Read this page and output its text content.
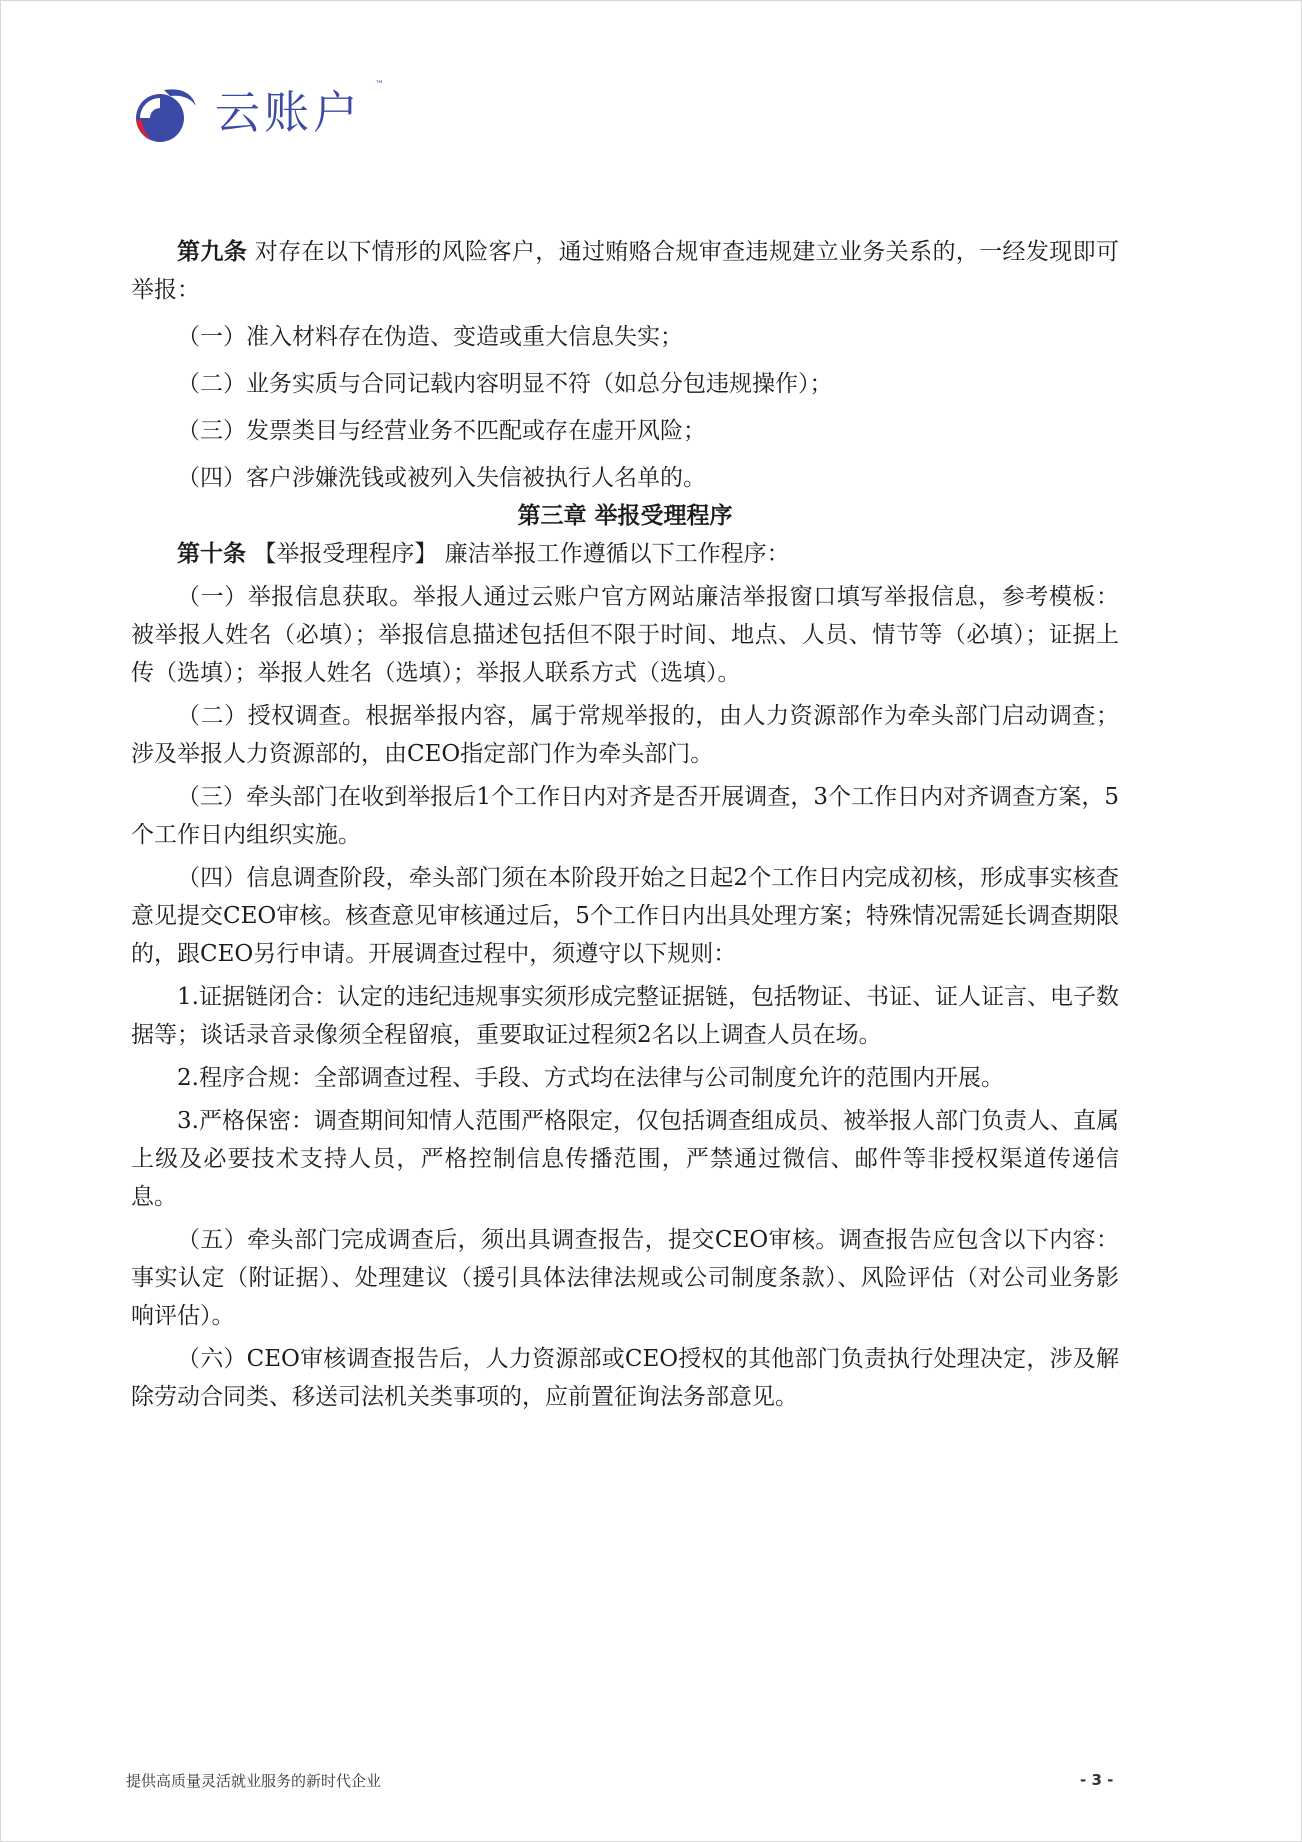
云账户
™

第九条 对存在以下情形的风险客户，通过贿赂合规审查违规建立业务关系的，一经发现即可举报：

（一）准入材料存在伪造、变造或重大信息失实；

（二）业务实质与合同记载内容明显不符（如总分包违规操作）；

（三）发票类目与经营业务不匹配或存在虚开风险；

（四）客户涉嫌洗钱或被列入失信被执行人名单的。

第三章 举报受理程序

第十条 【举报受理程序】 廉洁举报工作遵循以下工作程序：

（一）举报信息获取。举报人通过云账户官方网站廉洁举报窗口填写举报信息，参考模板：被举报人姓名（必填）；举报信息描述包括但不限于时间、地点、人员、情节等（必填）；证据上传（选填）；举报人姓名（选填）；举报人联系方式（选填）。

（二）授权调查。根据举报内容，属于常规举报的，由人力资源部作为牵头部门启动调查；涉及举报人力资源部的，由CEO指定部门作为牵头部门。

（三）牵头部门在收到举报后1个工作日内对齐是否开展调查，3个工作日内对齐调查方案，5个工作日内组织实施。

（四）信息调查阶段，牵头部门须在本阶段开始之日起2个工作日内完成初核，形成事实核查意见提交CEO审核。核查意见审核通过后，5个工作日内出具处理方案；特殊情况需延长调查期限的，跟CEO另行申请。开展调查过程中，须遵守以下规则：

1.证据链闭合：认定的违纪违规事实须形成完整证据链，包括物证、书证、证人证言、电子数据等；谈话录音录像须全程留痕，重要取证过程须2名以上调查人员在场。

2.程序合规：全部调查过程、手段、方式均在法律与公司制度允许的范围内开展。

3.严格保密：调查期间知情人范围严格限定，仅包括调查组成员、被举报人部门负责人、直属上级及必要技术支持人员，严格控制信息传播范围，严禁通过微信、邮件等非授权渠道传递信息。

（五）牵头部门完成调查后，须出具调查报告，提交CEO审核。调查报告应包含以下内容：事实认定（附证据）、处理建议（援引具体法律法规或公司制度条款）、风险评估（对公司业务影响评估）。

（六）CEO审核调查报告后，人力资源部或CEO授权的其他部门负责执行处理决定，涉及解除劳动合同类、移送司法机关类事项的，应前置征询法务部意见。

提供高质量灵活就业服务的新时代企业	- 3 -
